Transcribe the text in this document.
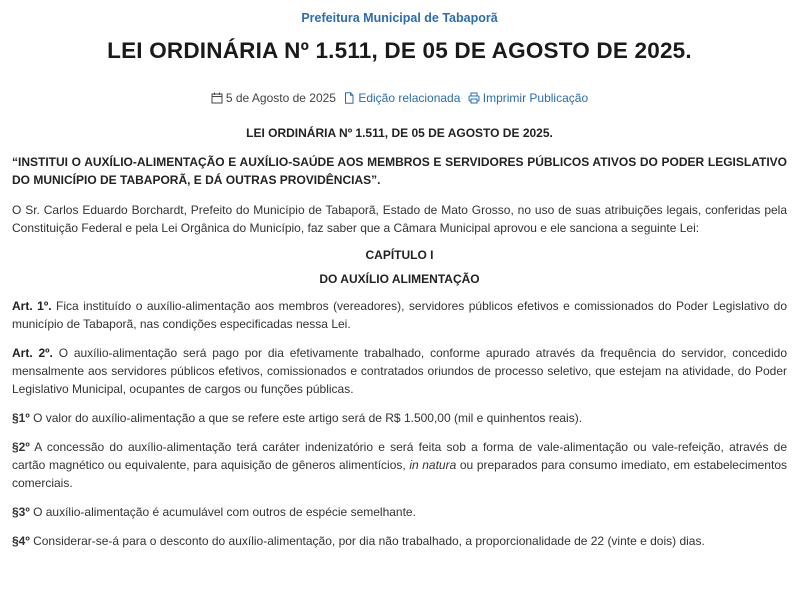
Prefeitura Municipal de Tabaporã
LEI ORDINÁRIA Nº 1.511, DE 05 DE AGOSTO DE 2025.
5 de Agosto de 2025
Edição relacionada
Imprimir Publicação
LEI ORDINÁRIA Nº 1.511, DE 05 DE AGOSTO DE 2025.
“INSTITUI O AUXÍLIO-ALIMENTAÇÃO E AUXÍLIO-SAÚDE AOS MEMBROS E SERVIDORES PÚBLICOS ATIVOS DO PODER LEGISLATIVO DO MUNICÍPIO DE TABAPORÃ, E DÁ OUTRAS PROVIDÊNCIAS”.

O Sr. Carlos Eduardo Borchardt, Prefeito do Município de Tabaporã, Estado de Mato Grosso, no uso de suas atribuições legais, conferidas pela Constituição Federal e pela Lei Orgânica do Município, faz saber que a Câmara Municipal aprovou e ele sanciona a seguinte Lei:

CAPÍTULO I
DO AUXÍLIO ALIMENTAÇÃO

Art. 1º. Fica instituído o auxílio-alimentação aos membros (vereadores), servidores públicos efetivos e comissionados do Poder Legislativo do município de Tabaporã, nas condições especificadas nessa Lei.

Art. 2º. O auxílio-alimentação será pago por dia efetivamente trabalhado, conforme apurado através da frequência do servidor, concedido mensalmente aos servidores públicos efetivos, comissionados e contratados oriundos de processo seletivo, que estejam na atividade, do Poder Legislativo Municipal, ocupantes de cargos ou funções públicas.

§1º O valor do auxílio-alimentação a que se refere este artigo será de R$ 1.500,00 (mil e quinhentos reais).

§2º A concessão do auxílio-alimentação terá caráter indenizatório e será feita sob a forma de vale-alimentação ou vale-refeição, através de cartão magnético ou equivalente, para aquisição de gêneros alimentícios, in natura ou preparados para consumo imediato, em estabelecimentos comerciais.

§3º O auxílio-alimentação é acumulável com outros de espécie semelhante.

§4º Considerar-se-á para o desconto do auxílio-alimentação, por dia não trabalhado, a proporcionalidade de 22 (vinte e dois) dias.
